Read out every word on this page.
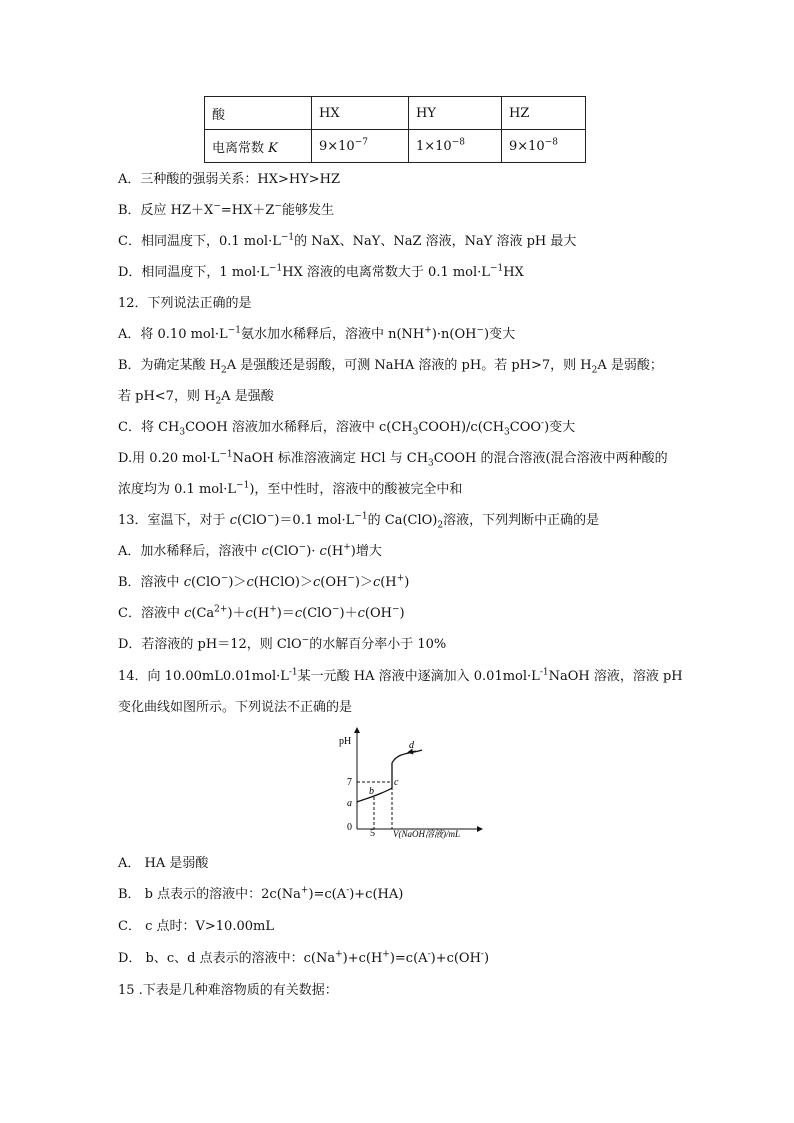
酸	HX	HY	HZ
电离常数 K	$9\times 10^{-7}$	$1\times 10^{-8}$	$9\times 10^{-8}$
A．三种酸的强弱关系：HX>HY>HZ
B．反应 HZ＋X−=HX＋Z−能够发生
C．相同温度下，0.1 $mol\cdot L^{-1}$的 NaX、NaY、NaZ 溶液，NaY 溶液 pH 最大
D．相同温度下，1 $mol\cdot L^{-1}HX$ 溶液的电离常数大于 0.1 $mol\cdot L^{-1}HX$
12．下列说法正确的是
A．将 0.10 $mol\cdot L^{-1}$氨水加水稀释后，溶液中 n(NH+)·n(OH−)变大
B．为确定某酸 $H_2A$ 是强酸还是弱酸，可测 NaHA 溶液的 pH。若 pH>7，则 $H_2A$ 是弱酸；
若 pH<7，则 $H_2A$ 是强酸
C．将 $CH_3COOH$ 溶液加水稀释后，溶液中 $c(CH_3COOH)/c(CH_3COO^-)$变大
D.用 0.20 $mol\cdot L^{-1}NaOH$ 标准溶液滴定 HCl 与 $CH_3COOH$ 的混合溶液(混合溶液中两种酸的
浓度均为 0.1 $mol\cdot L^{-1}$)，至中性时，溶液中的酸被完全中和
13．室温下，对于 c(ClO−)＝0.1 $mol\cdot L^{-1}$的 $Ca(ClO)_2$溶液，下列判断中正确的是
A．加水稀释后，溶液中 c(ClO−)· c(H+)增大
B．溶液中 c(ClO−)＞c(HClO)＞c(OH−)＞c(H+)
C．溶液中 $c(Ca^{2+})+c(H^+)=c(ClO^-)+c(OH^-)$
D．若溶液的 pH＝12，则 ClO−的水解百分率小于 10%
14．向 $10.00mL0.01mol\cdot L^{-1}$某一元酸 HA 溶液中逐滴加入 $0.01mol\cdot L^{-1}NaOH$ 溶液，溶液 pH
变化曲线如图所示。下列说法不正确的是
pH
7
0
5 V(NaOH溶液)/mL
a
b
c
d
A． HA 是弱酸
B． b 点表示的溶液中：2c(Na+)=c(A-)+c(HA)
C． c 点时：V>10.00mL
D． b、c、d 点表示的溶液中：c(Na+)+c(H+)=c(A-)+c(OH-)
15 .下表是几种难溶物质的有关数据：
